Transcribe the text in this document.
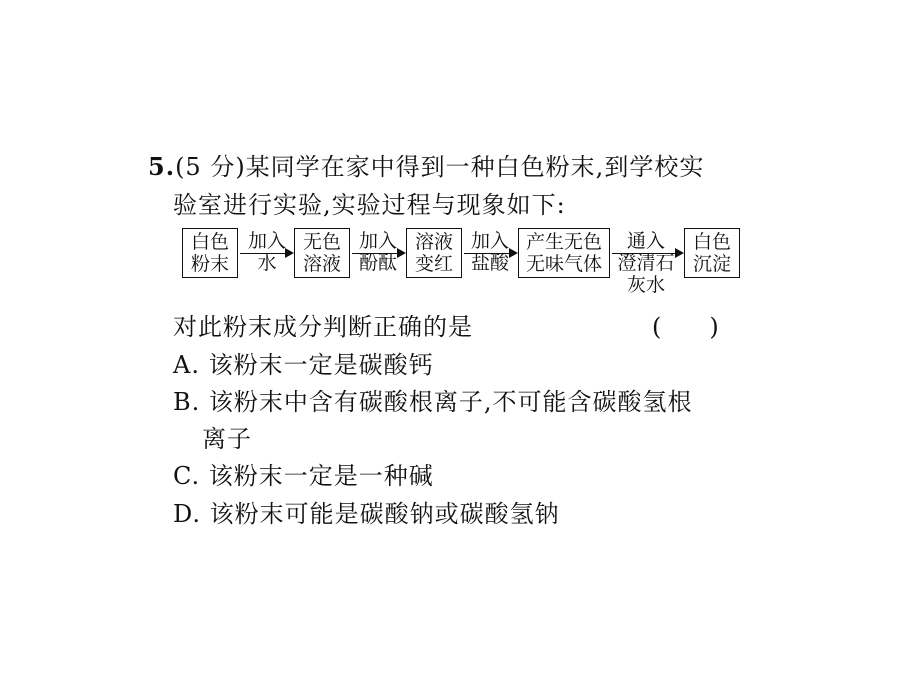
5.(5 分)某同学在家中得到一种白色粉末,到学校实
验室进行实验,实验过程与现象如下:
白色
粉末
加入
水
无色
溶液
加入
酚酞
溶液
变红
加入
盐酸
产生无色
无味气体
通入
澄清石
灰水
白色
沉淀
对此粉末成分判断正确的是	(　　)
A. 该粉末一定是碳酸钙
B. 该粉末中含有碳酸根离子,不可能含碳酸氢根
离子
C. 该粉末一定是一种碱
D. 该粉末可能是碳酸钠或碳酸氢钠
